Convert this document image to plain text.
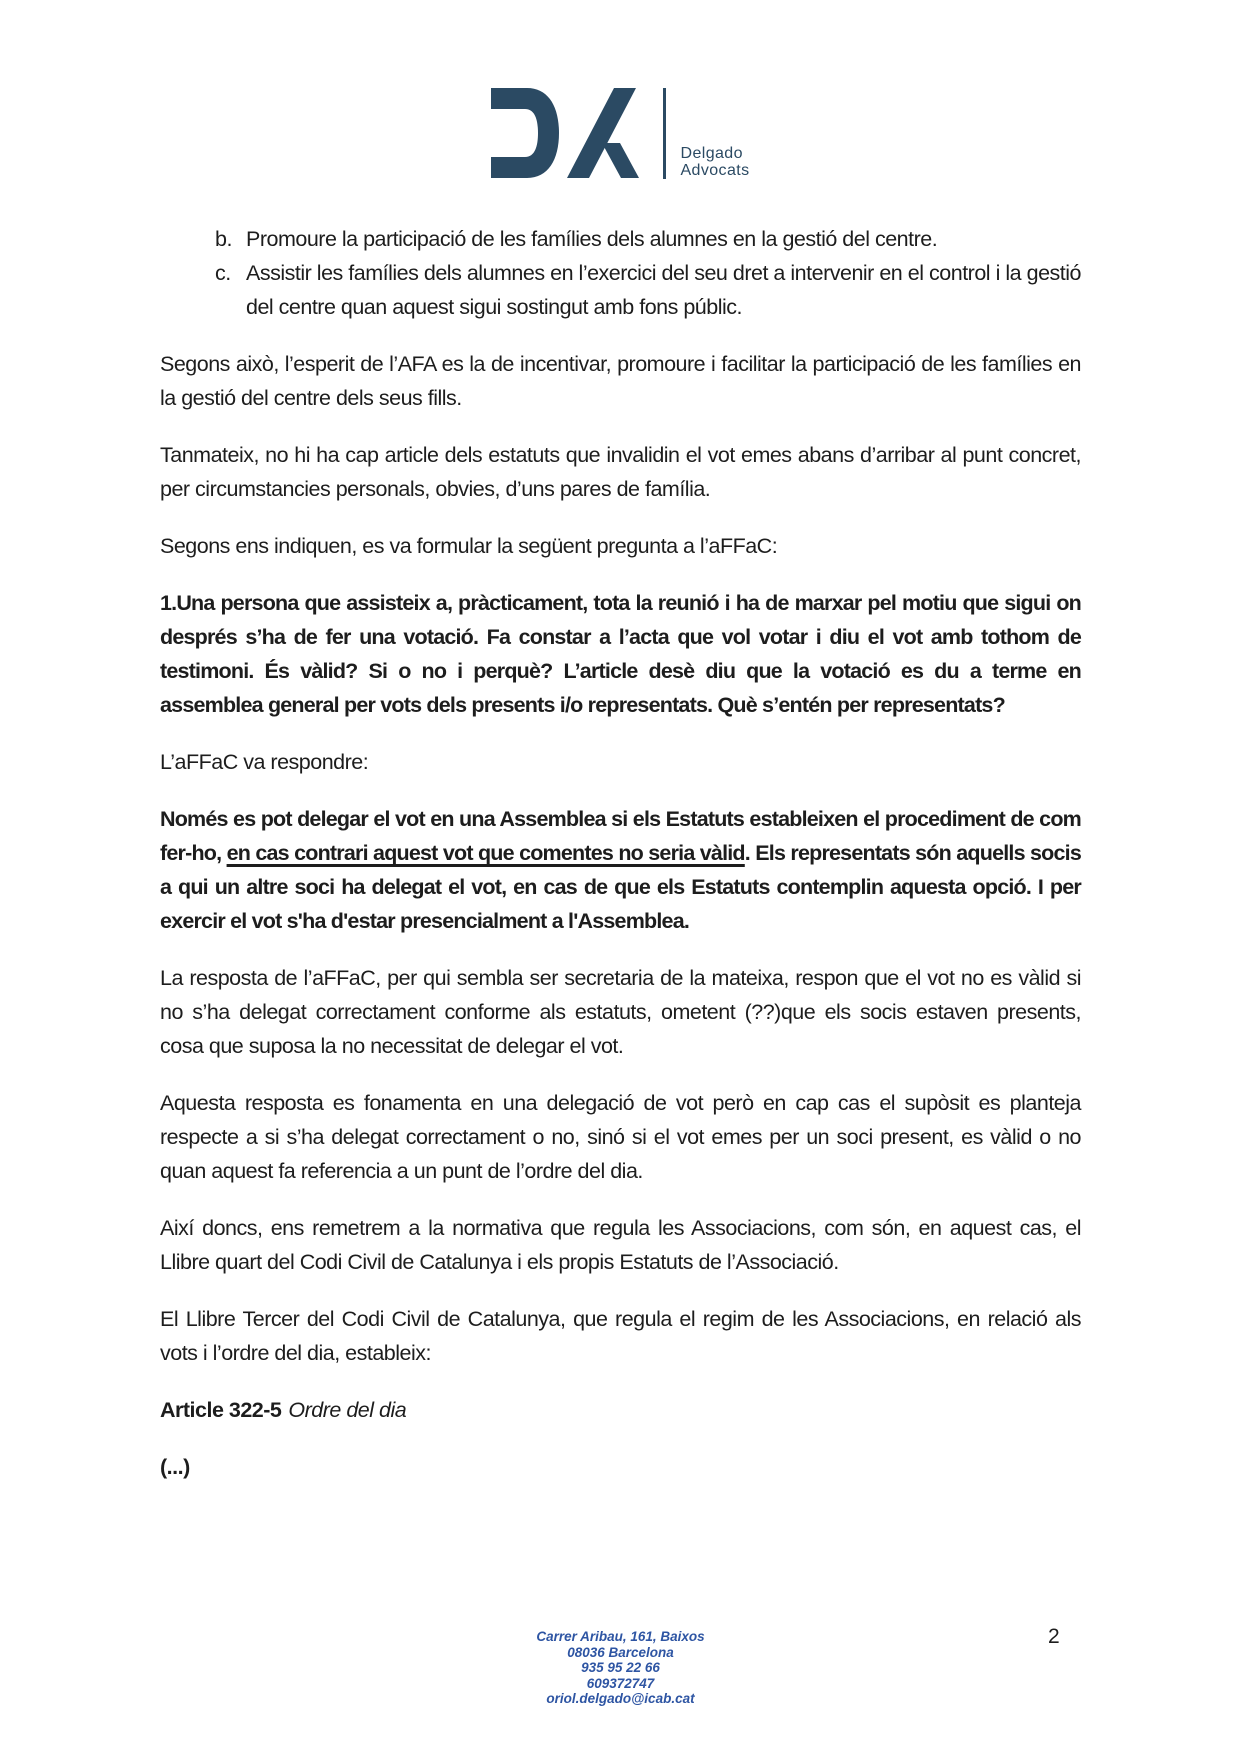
Delgado
Advocats
b. Promoure la participació de les famílies dels alumnes en la gestió del centre.
c. Assistir les famílies dels alumnes en l’exercici del seu dret a intervenir en el control i la gestió del centre quan aquest sigui sostingut amb fons públic.

Segons això, l’esperit de l’AFA es la de incentivar, promoure i facilitar la participació de les famílies en la gestió del centre dels seus fills.

Tanmateix, no hi ha cap article dels estatuts que invalidin el vot emes abans d’arribar al punt concret, per circumstancies personals, obvies, d’uns pares de família.

Segons ens indiquen, es va formular la següent pregunta a l’aFFaC:

1.Una persona que assisteix a, pràcticament, tota la reunió i ha de marxar pel motiu que sigui on després s’ha de fer una votació. Fa constar a l’acta que vol votar i diu el vot amb tothom de testimoni. És vàlid? Si o no i perquè? L’article desè diu que la votació es du a terme en assemblea general per vots dels presents i/o representats. Què s’entén per representats?

L’aFFaC va respondre:

Només es pot delegar el vot en una Assemblea si els Estatuts estableixen el procediment de com fer-ho, en cas contrari aquest vot que comentes no seria vàlid. Els representats són aquells socis a qui un altre soci ha delegat el vot, en cas de que els Estatuts contemplin aquesta opció. I per exercir el vot s'ha d'estar presencialment a l'Assemblea.

La resposta de l’aFFaC, per qui sembla ser secretaria de la mateixa, respon que el vot no es vàlid si no s’ha delegat correctament conforme als estatuts, ometent (??)que els socis estaven presents, cosa que suposa la no necessitat de delegar el vot.

Aquesta resposta es fonamenta en una delegació de vot però en cap cas el supòsit es planteja respecte a si s’ha delegat correctament o no, sinó si el vot emes per un soci present, es vàlid o no quan aquest fa referencia a un punt de l’ordre del dia.

Així doncs, ens remetrem a la normativa que regula les Associacions, com són, en aquest cas, el Llibre quart del Codi Civil de Catalunya i els propis Estatuts de l’Associació.

El Llibre Tercer del Codi Civil de Catalunya, que regula el regim de les Associacions, en relació als vots i l’ordre del dia, estableix:

Article 322-5 Ordre del dia

(...)

Carrer Aribau, 161, Baixos
08036 Barcelona
935 95 22 66
609372747
oriol.delgado@icab.cat
2
